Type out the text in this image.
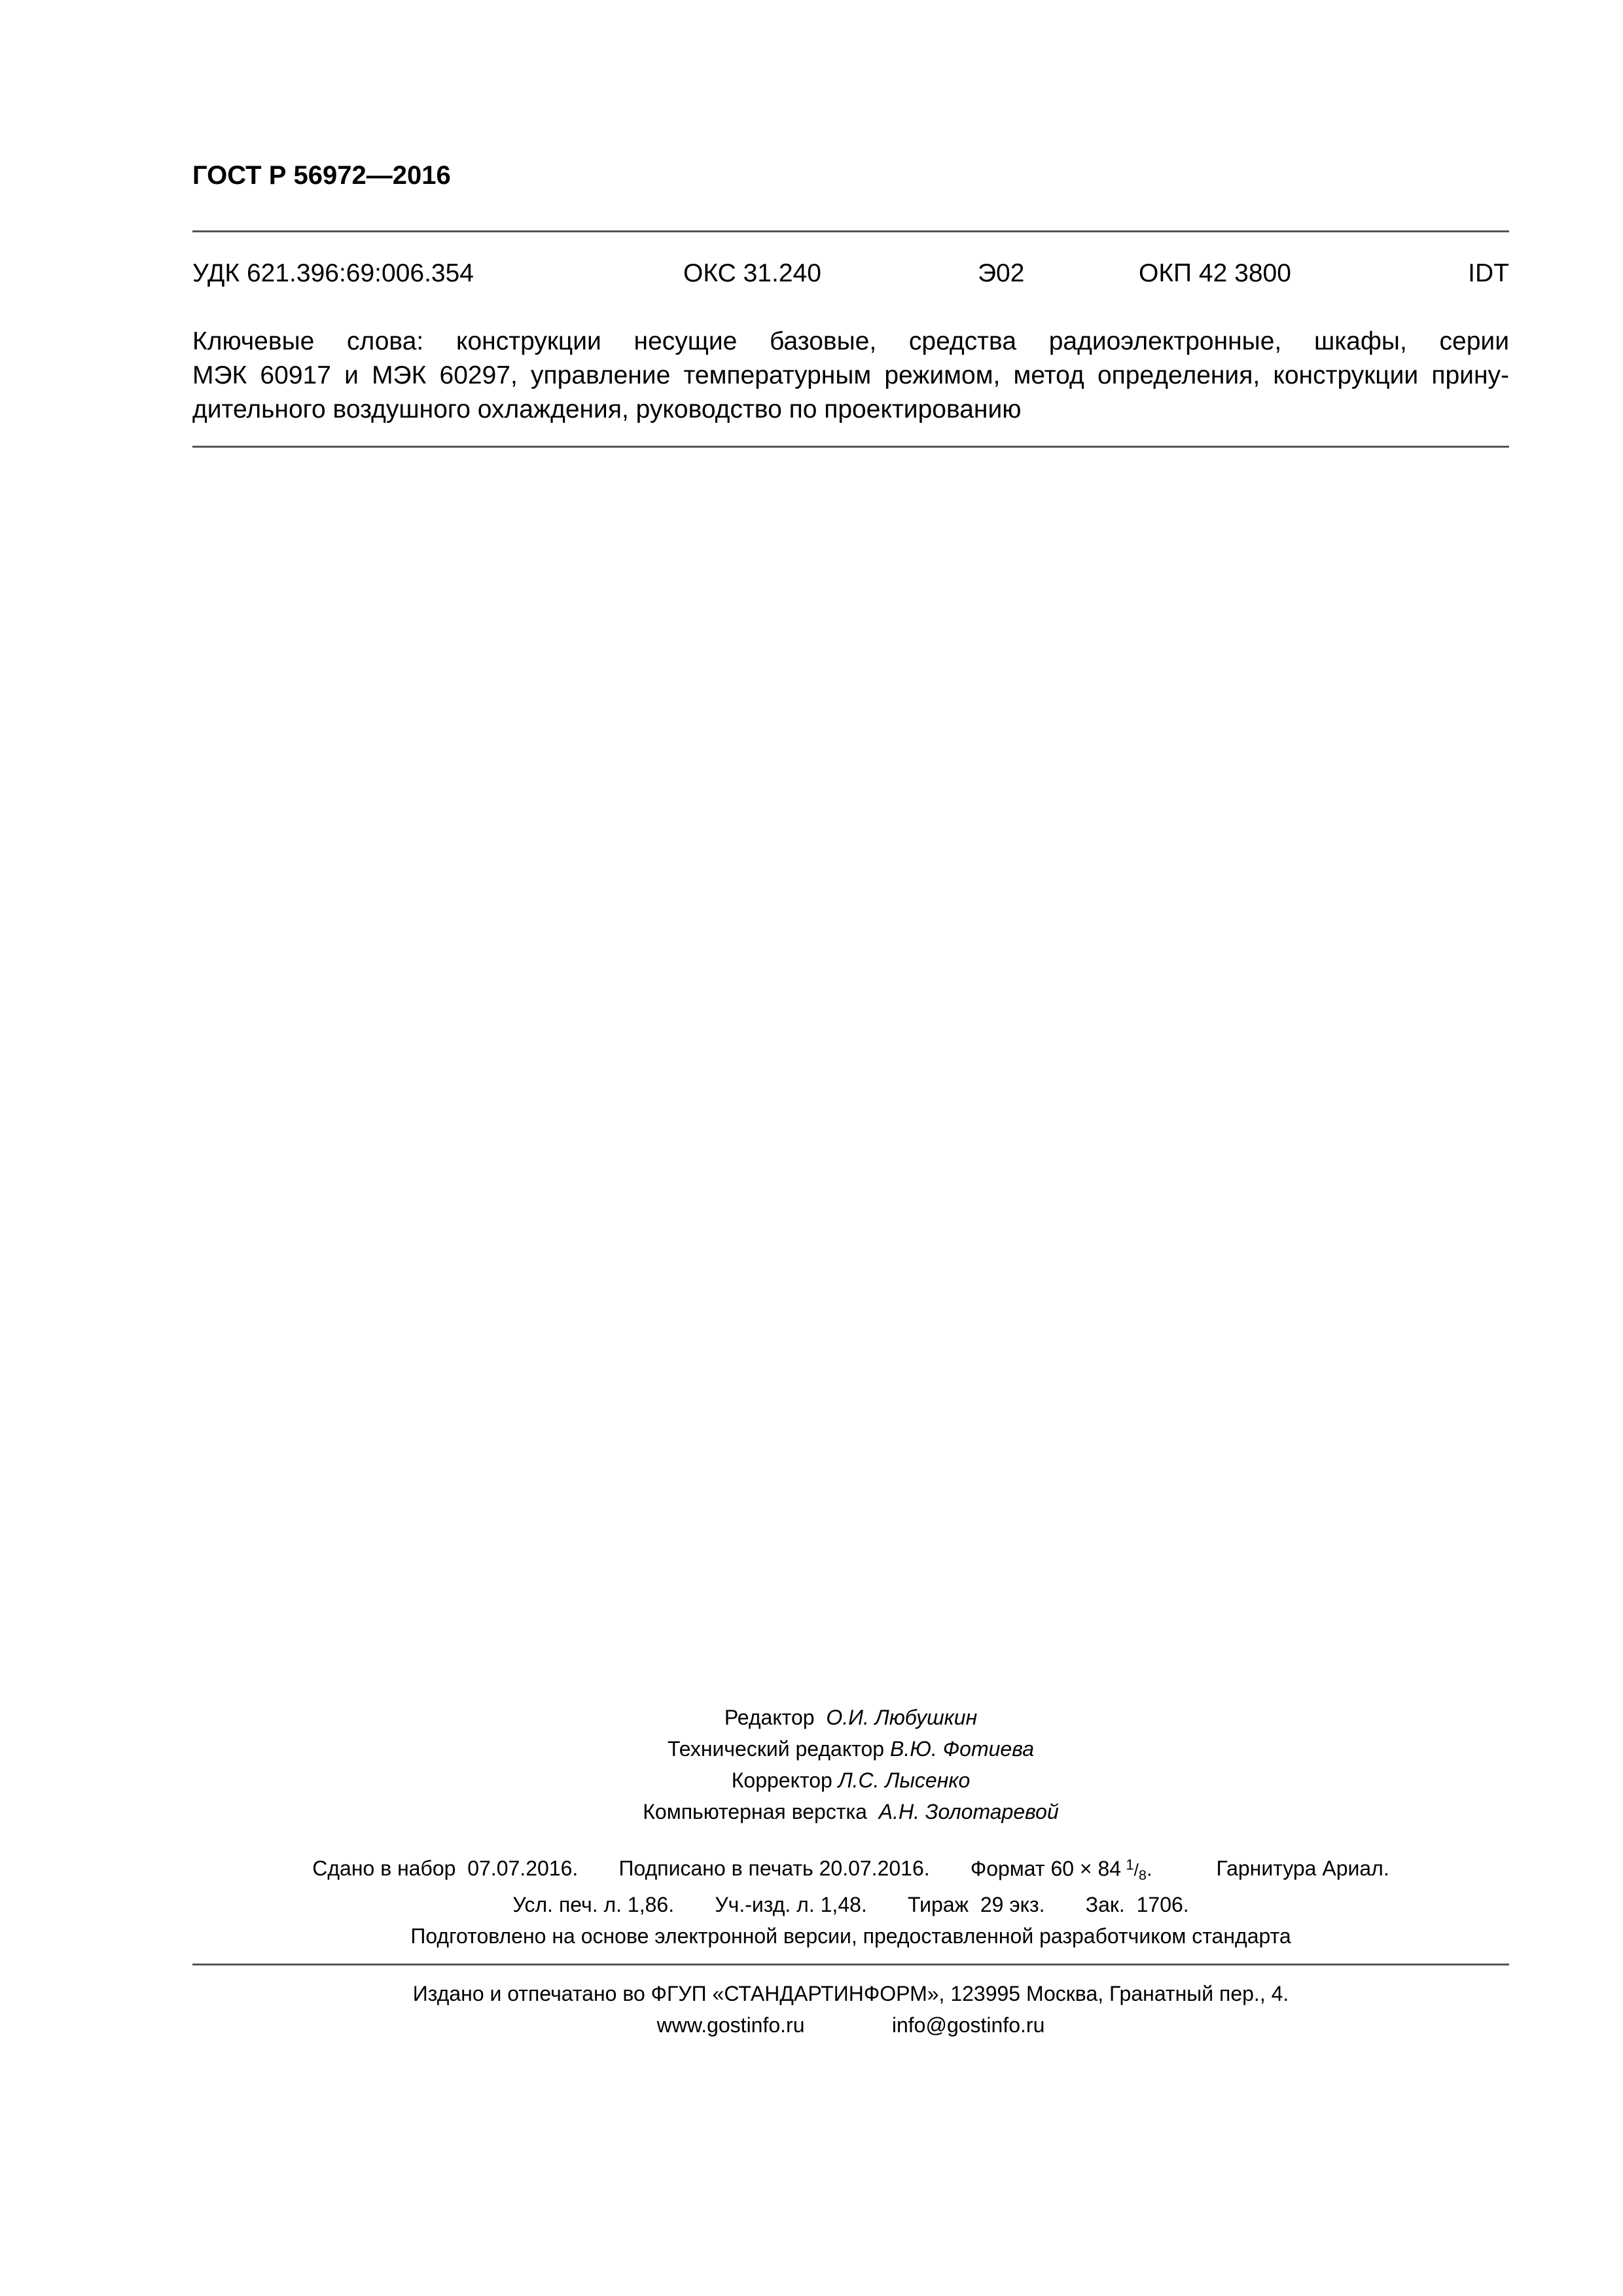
ГОСТ Р 56972—2016
УДК 621.396:69:006.354	ОКС 31.240	Э02	ОКП 42 3800	IDT
Ключевые слова: конструкции несущие базовые, средства радиоэлектронные, шкафы, серии
МЭК 60917 и МЭК 60297, управление температурным режимом, метод определения, конструкции прину-
дительного воздушного охлаждения, руководство по проектированию
Редактор О.И. Любушкин
Технический редактор В.Ю. Фотиева
Корректор Л.С. Лысенко
Компьютерная верстка А.Н. Золотаревой
Сдано в набор  07.07.2016. Подписано в печать 20.07.2016. Формат 60 × 84 $^1/_8$.	Гарнитура Ариал.
Усл. печ. л. 1,86. Уч.-изд. л. 1,48. Тираж  29 экз. Зак.  1706.
Подготовлено на основе электронной версии, предоставленной разработчиком стандарта
Издано и отпечатано во ФГУП «СТАНДАРТИНФОРМ», 123995 Москва, Гранатный пер., 4.
www.gostinfo.ru	info@gostinfo.ru
